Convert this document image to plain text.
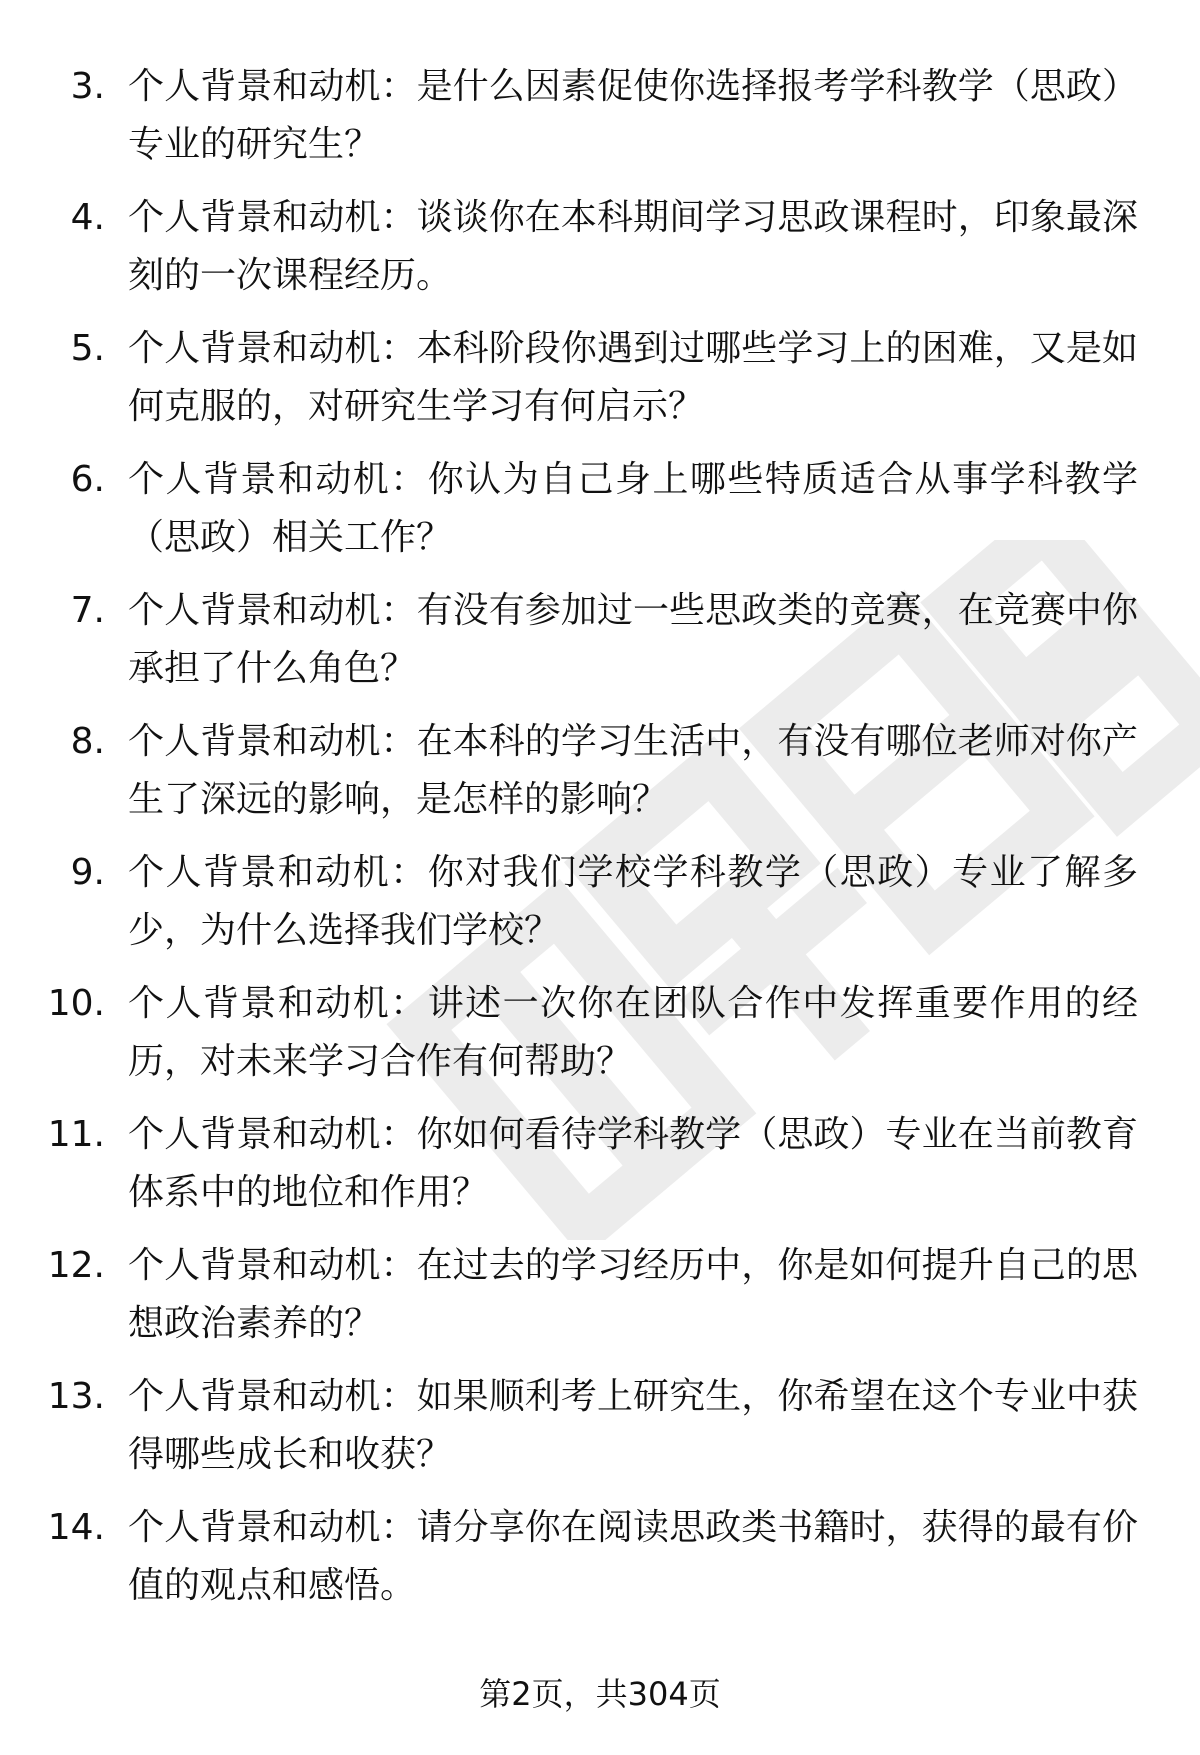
3. 个人背景和动机：是什么因素促使你选择报考学科教学（思政）专业的研究生？
4. 个人背景和动机：谈谈你在本科期间学习思政课程时，印象最深刻的一次课程经历。
5. 个人背景和动机：本科阶段你遇到过哪些学习上的困难，又是如何克服的，对研究生学习有何启示？
6. 个人背景和动机：你认为自己身上哪些特质适合从事学科教学（思政）相关工作？
7. 个人背景和动机：有没有参加过一些思政类的竞赛，在竞赛中你承担了什么角色？
8. 个人背景和动机：在本科的学习生活中，有没有哪位老师对你产生了深远的影响，是怎样的影响？
9. 个人背景和动机：你对我们学校学科教学（思政）专业了解多少，为什么选择我们学校？
10. 个人背景和动机：讲述一次你在团队合作中发挥重要作用的经历，对未来学习合作有何帮助？
11. 个人背景和动机：你如何看待学科教学（思政）专业在当前教育体系中的地位和作用？
12. 个人背景和动机：在过去的学习经历中，你是如何提升自己的思想政治素养的？
13. 个人背景和动机：如果顺利考上研究生，你希望在这个专业中获得哪些成长和收获？
14. 个人背景和动机：请分享你在阅读思政类书籍时，获得的最有价值的观点和感悟。
第2页，共304页
